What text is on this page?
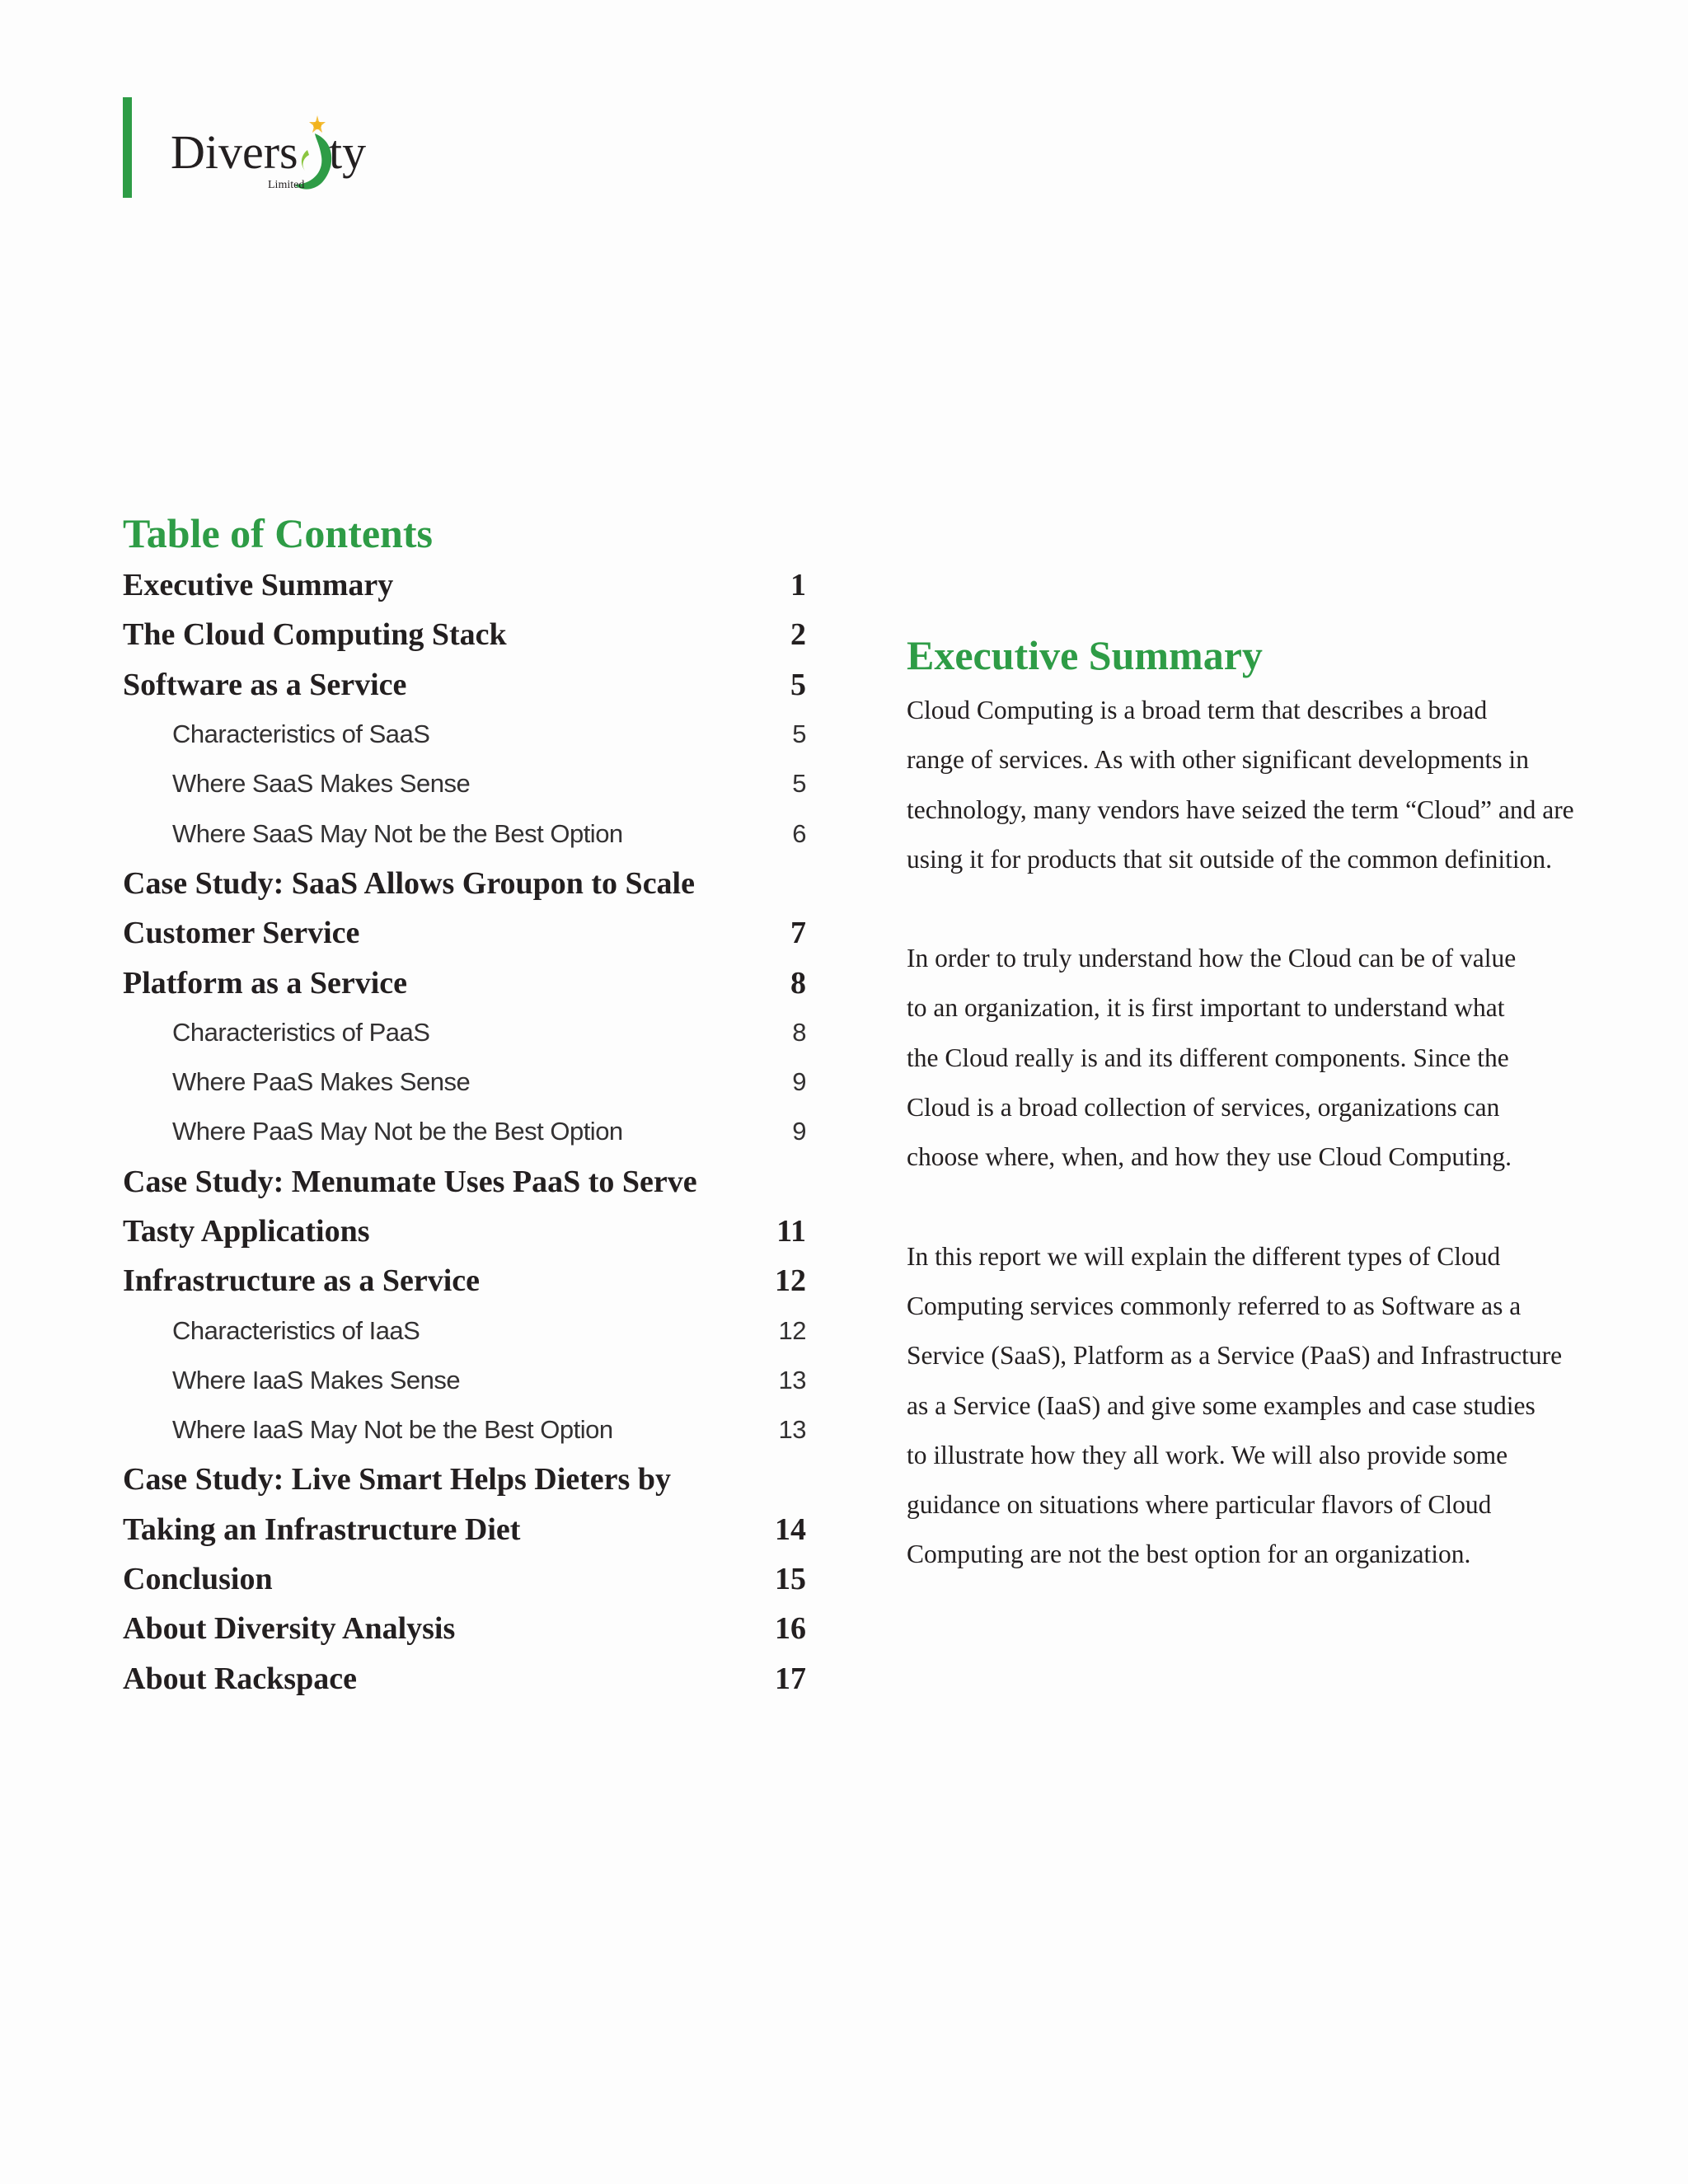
Divers ty
Limited
Table of Contents
Executive Summary	1
The Cloud Computing Stack	2
Software as a Service	5
Characteristics of SaaS	5
Where SaaS Makes Sense	5
Where SaaS May Not be the Best Option	6
Case Study: SaaS Allows Groupon to Scale
Customer Service	7
Platform as a Service	8
Characteristics of PaaS	8
Where PaaS Makes Sense	9
Where PaaS May Not be the Best Option	9
Case Study: Menumate Uses PaaS to Serve
Tasty Applications	11
Infrastructure as a Service	12
Characteristics of IaaS	12
Where IaaS Makes Sense	13
Where IaaS May Not be the Best Option	13
Case Study: Live Smart Helps Dieters by
Taking an Infrastructure Diet	14
Conclusion	15
About Diversity Analysis	16
About Rackspace	17
Executive Summary

Cloud Computing is a broad term that describes a broad
range of services. As with other significant developments in
technology, many vendors have seized the term “Cloud” and are
using it for products that sit outside of the common definition.

In order to truly understand how the Cloud can be of value
to an organization, it is first important to understand what
the Cloud really is and its different components. Since the
Cloud is a broad collection of services, organizations can
choose where, when, and how they use Cloud Computing.

In this report we will explain the different types of Cloud
Computing services commonly referred to as Software as a
Service (SaaS), Platform as a Service (PaaS) and Infrastructure
as a Service (IaaS) and give some examples and case studies
to illustrate how they all work. We will also provide some
guidance on situations where particular flavors of Cloud
Computing are not the best option for an organization.
